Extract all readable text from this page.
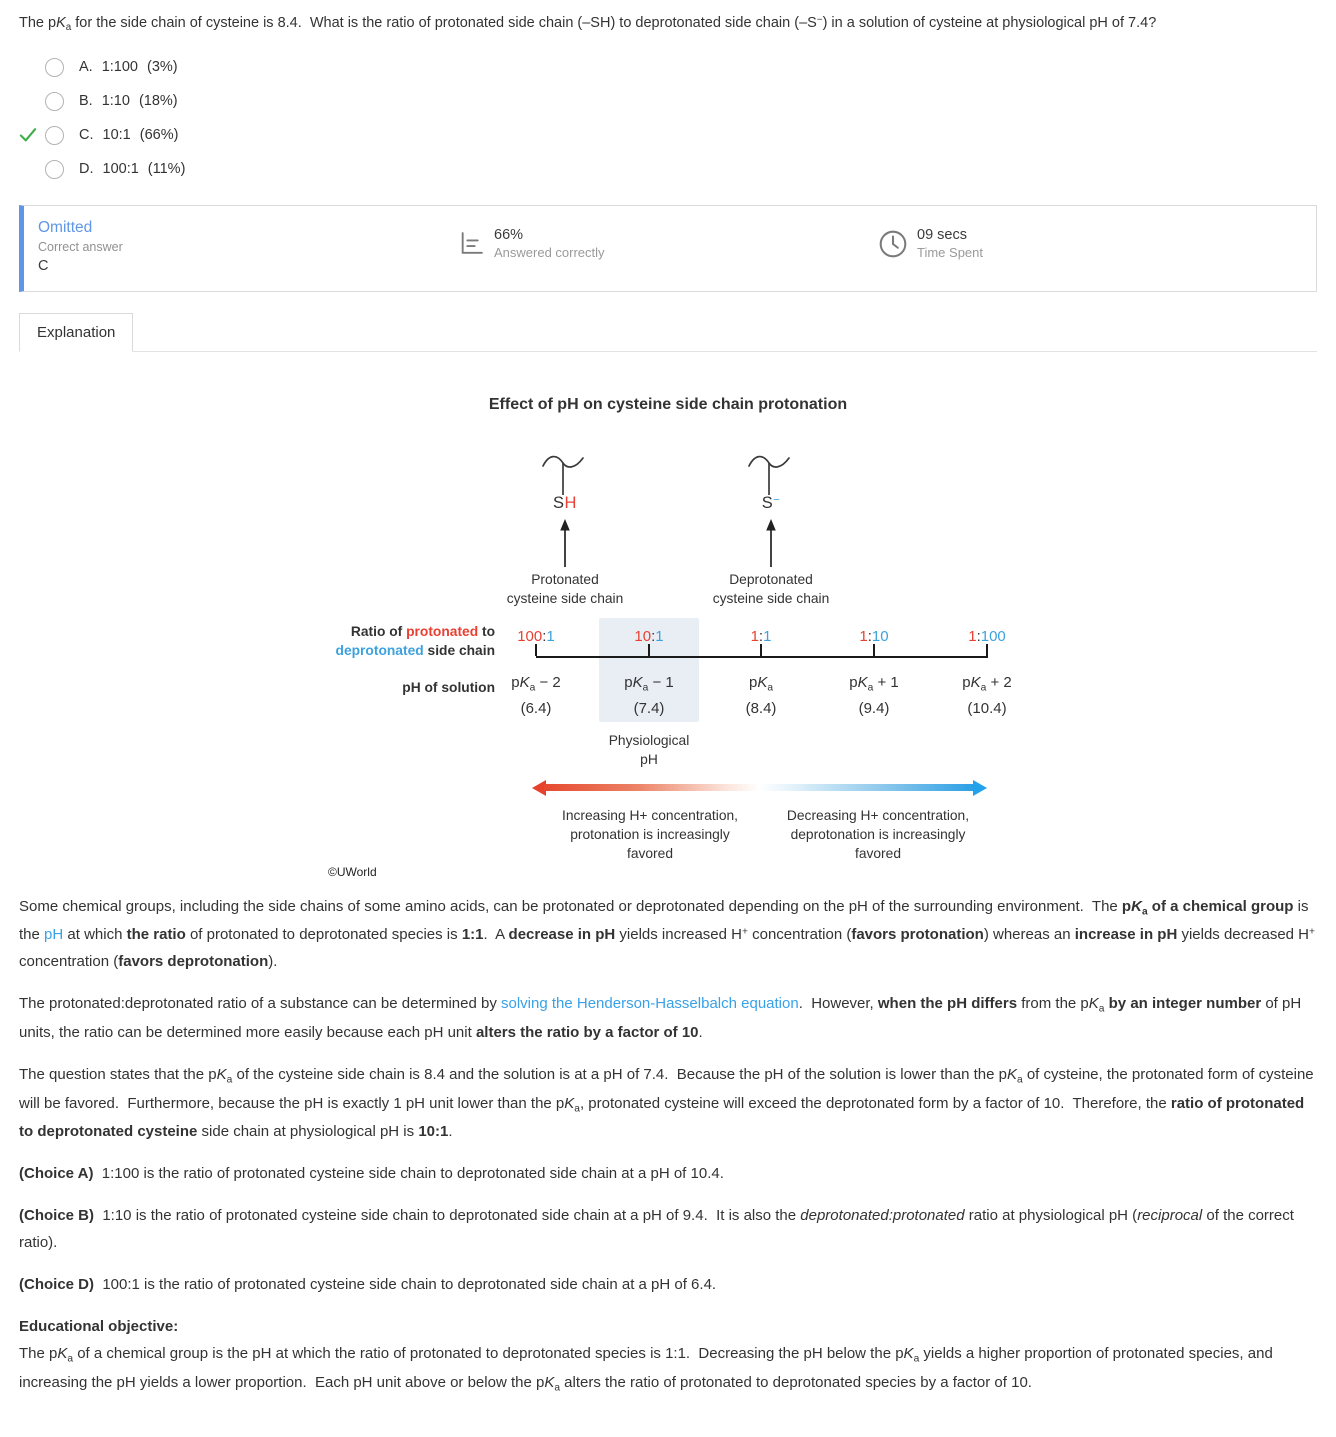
The $pK_a$ for the side chain of cysteine is 8.4.  What is the ratio of protonated side chain (–SH) to deprotonated side chain (–S−) in a solution of cysteine at physiological pH of 7.4?
A. 1:100 (3%)
B. 1:10 (18%)
C. 10:1 (66%)
D. 100:1 (11%)
Omitted
Correct answer
C
66%
Answered correctly
09 secs
Time Spent
Explanation
Effect of pH on cysteine side chain protonation
SH
Protonated
cysteine side chain
S−
Deprotonated
cysteine side chain
Ratio of protonated to
deprotonated side chain
pH of solution
100:1	10:1	1:1	1:10	1:100
$pK_a - 2$	$pK_a - 1$	$pK_a$	$pK_a + 1$	$pK_a + 2$
(6.4)	(7.4)	(8.4)	(9.4)	(10.4)
Physiological
pH
Increasing H+ concentration,
protonation is increasingly
favored
Decreasing H+ concentration,
deprotonation is increasingly
favored
©UWorld

Some chemical groups, including the side chains of some amino acids, can be protonated or deprotonated depending on the pH of the surrounding environment.  The $pK_a$ of a chemical group is the pH at which the ratio of protonated to deprotonated species is 1:1.  A decrease in pH yields increased H+ concentration (favors protonation) whereas an increase in pH yields decreased H+ concentration (favors deprotonation).

The protonated:deprotonated ratio of a substance can be determined by solving the Henderson-Hasselbalch equation.  However, when the pH differs from the $pK_a$ by an integer number of pH units, the ratio can be determined more easily because each pH unit alters the ratio by a factor of 10.

The question states that the $pK_a$ of the cysteine side chain is 8.4 and the solution is at a pH of 7.4.  Because the pH of the solution is lower than the $pK_a$ of cysteine, the protonated form of cysteine will be favored.  Furthermore, because the pH is exactly 1 pH unit lower than the $pK_a$, protonated cysteine will exceed the deprotonated form by a factor of 10.  Therefore, the ratio of protonated to deprotonated cysteine side chain at physiological pH is 10:1.

(Choice A)  1:100 is the ratio of protonated cysteine side chain to deprotonated side chain at a pH of 10.4.

(Choice B)  1:10 is the ratio of protonated cysteine side chain to deprotonated side chain at a pH of 9.4.  It is also the deprotonated:protonated ratio at physiological pH (reciprocal of the correct ratio).

(Choice D)  100:1 is the ratio of protonated cysteine side chain to deprotonated side chain at a pH of 6.4.

Educational objective:

The $pK_a$ of a chemical group is the pH at which the ratio of protonated to deprotonated species is 1:1.  Decreasing the pH below the $pK_a$ yields a higher proportion of protonated species, and increasing the pH yields a lower proportion.  Each pH unit above or below the $pK_a$ alters the ratio of protonated to deprotonated species by a factor of 10.
